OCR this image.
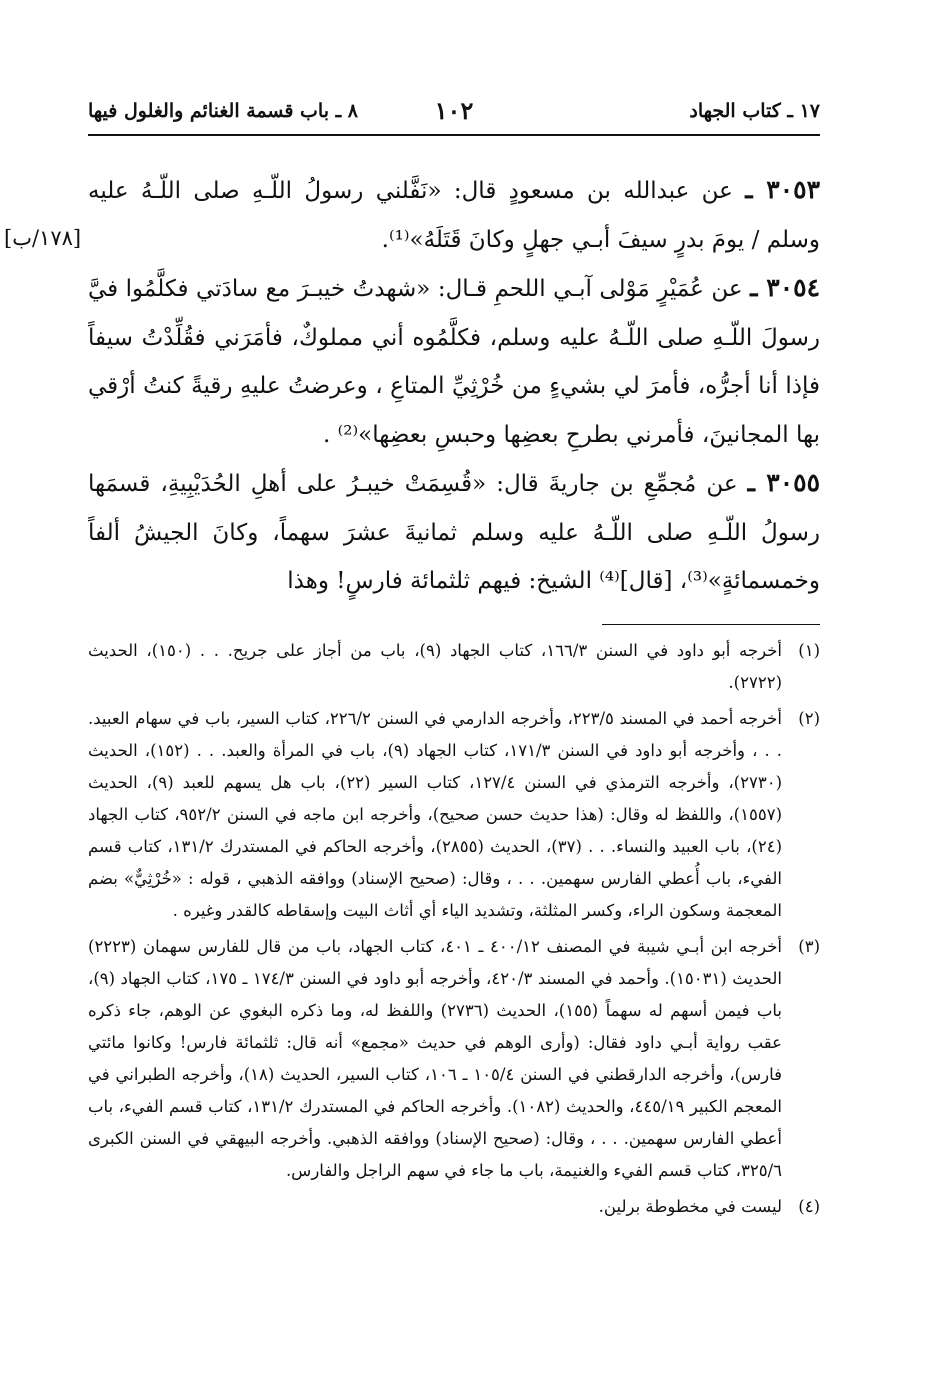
١٧ ـ كتاب الجهاد
١٠٢
٨ ـ باب قسمة الغنائم والغلول فيها
[١٧٨/ب]

٣٠٥٣ ـ عن عبدالله بن مسعودٍ قال: «نَفَّلني رسولُ اللّـهِ صلى اللّـهُ عليه وسلم / يومَ بدرٍ سيفَ أبـي جهلٍ وكانَ قَتَلَهُ»⁽¹⁾.

٣٠٥٤ ـ عن عُمَيْرٍ مَوْلى آبـي اللحمِ قـال: «شهدتُ خيبـرَ مع سادَتي فكلَّمُوا فيَّ رسولَ اللّـهِ صلى اللّـهُ عليه وسلم، فكلَّمُوه أني مملوكٌ، فأمَرَني فقُلِّدْتُ سيفاً فإذا أنا أجرُّه، فأمرَ لي بشيءٍ من خُرْثِيِّ المتاعِ ، وعرضتُ عليهِ رقيةً كنتُ أرْقي بها المجانينَ، فأمرني بطرحِ بعضِها وحبسِ بعضِها»⁽²⁾ .

٣٠٥٥ ـ عن مُجمِّعِ بن جاريةَ قال: «قُسِمَتْ خيبـرُ على أهلِ الحُدَيْبِيةِ، قسمَها رسولُ اللّـهِ صلى اللّـهُ عليه وسلم ثمانيةَ عشرَ سهماً، وكانَ الجيشُ ألفاً وخمسمائةٍ»⁽³⁾، [قال]⁽⁴⁾ الشيخ: فيهم ثلثمائة فارسٍ! وهذا

(١)
أخرجه أبو داود في السنن ١٦٦/٣، كتاب الجهاد (٩)، باب من أجاز على جريح. . . (١٥٠)، الحديث (٢٧٢٢).
(٢)
أخرجه أحمد في المسند ٢٢٣/٥، وأخرجه الدارمي في السنن ٢٢٦/٢، كتاب السير، باب في سهام العبيد. . . ، وأخرجه أبو داود في السنن ١٧١/٣، كتاب الجهاد (٩)، باب في المرأة والعبد. . . (١٥٢)، الحديث (٢٧٣٠)، وأخرجه الترمذي في السنن ١٢٧/٤، كتاب السير (٢٢)، باب هل يسهم للعبد (٩)، الحديث (١٥٥٧)، واللفظ له وقال: (هذا حديث حسن صحيح)، وأخرجه ابن ماجه في السنن ٩٥٢/٢، كتاب الجهاد (٢٤)، باب العبيد والنساء. . . (٣٧)، الحديث (٢٨٥٥)، وأخرجه الحاكم في المستدرك ١٣١/٢، كتاب قسم الفيء، باب أُعطي الفارس سهمين. . . ، وقال: (صحيح الإسناد) ووافقه الذهبي ، قوله : «خُرْثِيٌّ» بضم المعجمة وسكون الراء، وكسر المثلثة، وتشديد الياء أي أثاث البيت وإسقاطه كالقدر وغيره .
(٣)
أخرجه ابن أبـي شيبة في المصنف ٤٠٠/١٢ ـ ٤٠١، كتاب الجهاد، باب من قال للفارس سهمان (٢٢٢٣) الحديث (١٥٠٣١). وأحمد في المسند ٤٢٠/٣، وأخرجه أبو داود في السنن ١٧٤/٣ ـ ١٧٥، كتاب الجهاد (٩)، باب فيمن أسهم له سهماً (١٥٥)، الحديث (٢٧٣٦) واللفظ له، وما ذكره البغوي عن الوهم، جاء ذكره عقب رواية أبـي داود فقال: (وأرى الوهم في حديث «مجمع» أنه قال: ثلثمائة فارس! وكانوا مائتي فارس)، وأخرجه الدارقطني في السنن ١٠٥/٤ ـ ١٠٦، كتاب السير، الحديث (١٨)، وأخرجه الطبراني في المعجم الكبير ٤٤٥/١٩، والحديث (١٠٨٢). وأخرجه الحاكم في المستدرك ١٣١/٢، كتاب قسم الفيء، باب أعطي الفارس سهمين. . . ، وقال: (صحيح الإسناد) ووافقه الذهبي. وأخرجه البيهقي في السنن الكبرى ٣٢٥/٦، كتاب قسم الفيء والغنيمة، باب ما جاء في سهم الراجل والفارس.
(٤)
ليست في مخطوطة برلين.
